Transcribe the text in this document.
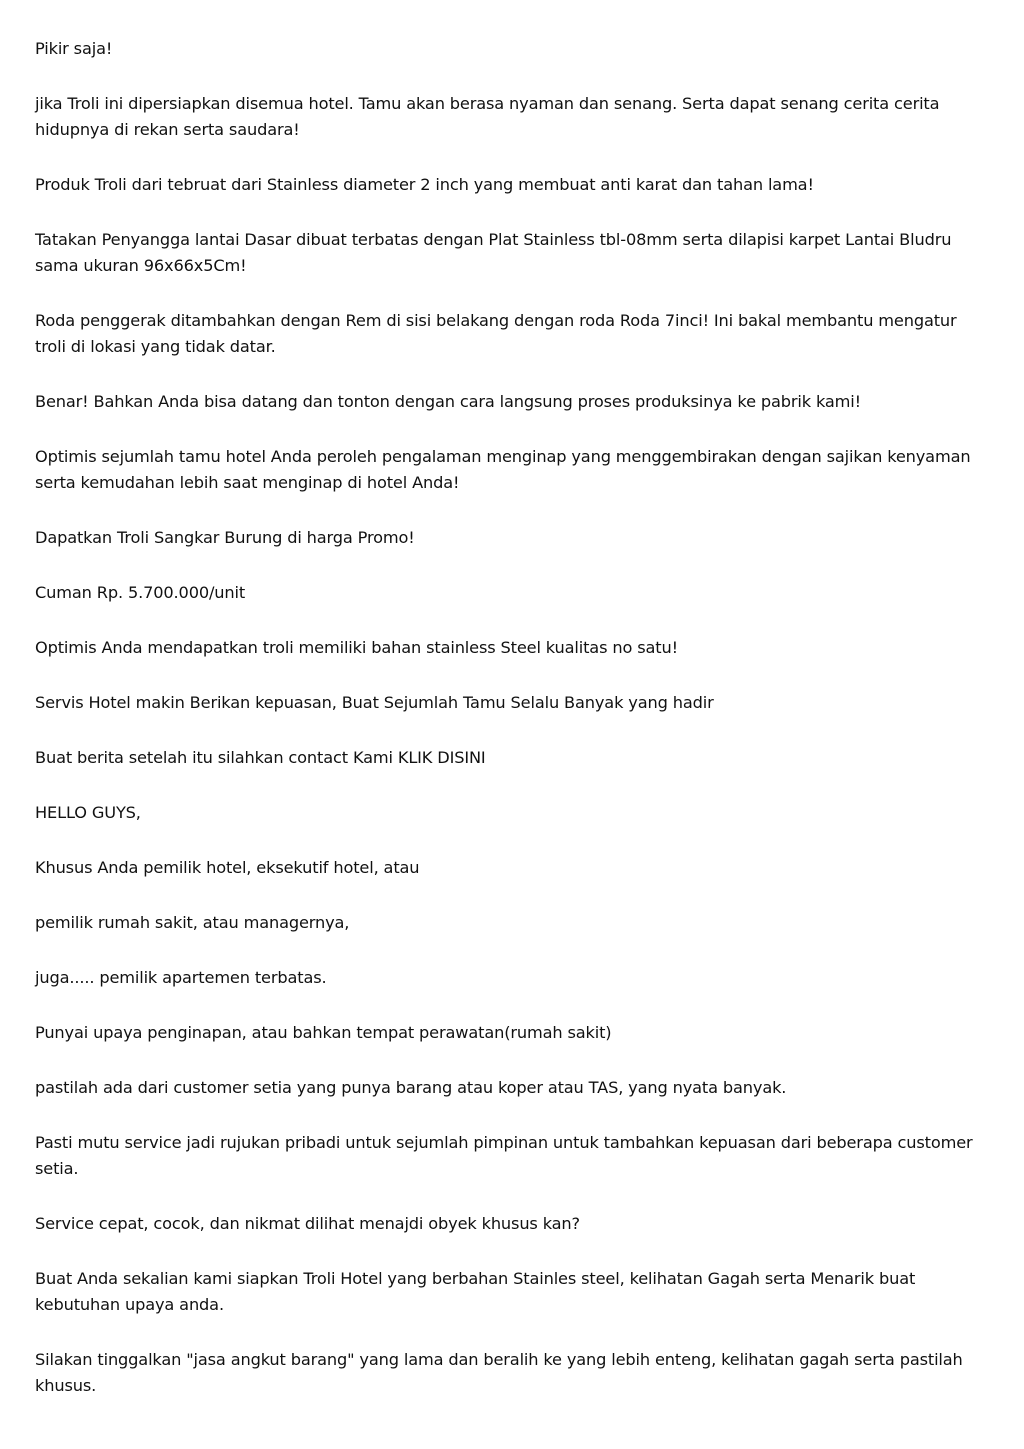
Pikir saja!

jika Troli ini dipersiapkan disemua hotel. Tamu akan berasa nyaman dan senang. Serta dapat senang cerita cerita hidupnya di rekan serta saudara!

Produk Troli dari tebruat dari Stainless diameter 2 inch yang membuat anti karat dan tahan lama!

Tatakan Penyangga lantai Dasar dibuat terbatas dengan Plat Stainless tbl-08mm serta dilapisi karpet Lantai Bludru sama ukuran 96x66x5Cm!

Roda penggerak ditambahkan dengan Rem di sisi belakang dengan roda Roda 7inci! Ini bakal membantu mengatur troli di lokasi yang tidak datar.

Benar! Bahkan Anda bisa datang dan tonton dengan cara langsung proses produksinya ke pabrik kami!

Optimis sejumlah tamu hotel Anda peroleh pengalaman menginap yang menggembirakan dengan sajikan kenyaman serta kemudahan lebih saat menginap di hotel Anda!

Dapatkan Troli Sangkar Burung di harga Promo!

Cuman Rp. 5.700.000/unit

Optimis Anda mendapatkan troli memiliki bahan stainless Steel kualitas no satu!

Servis Hotel makin Berikan kepuasan, Buat Sejumlah Tamu Selalu Banyak yang hadir

Buat berita setelah itu silahkan contact Kami KLIK DISINI

HELLO GUYS,

Khusus Anda pemilik hotel, eksekutif hotel, atau

pemilik rumah sakit, atau managernya,

juga..... pemilik apartemen terbatas.

Punyai upaya penginapan, atau bahkan tempat perawatan(rumah sakit)

pastilah ada dari customer setia yang punya barang atau koper atau TAS, yang nyata banyak.

Pasti mutu service jadi rujukan pribadi untuk sejumlah pimpinan untuk tambahkan kepuasan dari beberapa customer setia.

Service cepat, cocok, dan nikmat dilihat menajdi obyek khusus kan?

Buat Anda sekalian kami siapkan Troli Hotel yang berbahan Stainles steel, kelihatan Gagah serta Menarik buat kebutuhan upaya anda.

Silakan tinggalkan "jasa angkut barang" yang lama dan beralih ke yang lebih enteng, kelihatan gagah serta pastilah khusus.
